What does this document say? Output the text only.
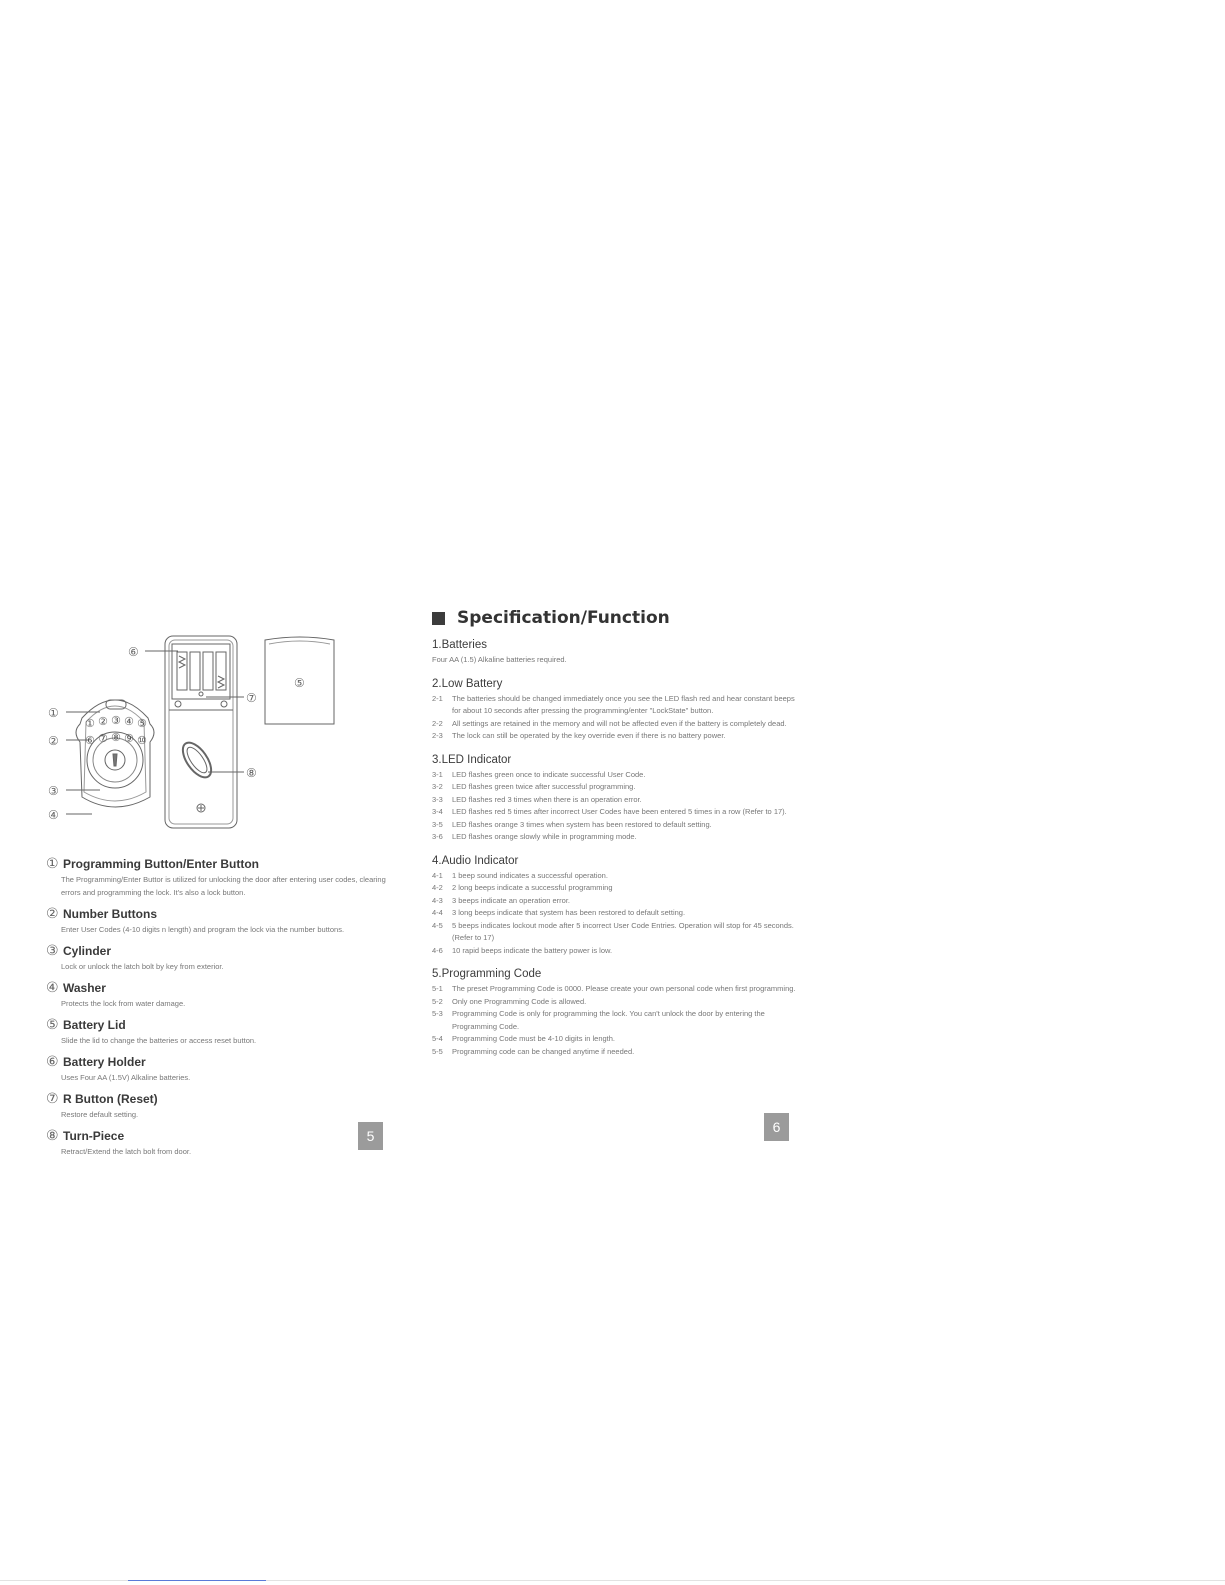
① ② ③ ④ ⑤
⑥ ⑦ ⑧ ⑨ ⑩
①
②
③
④
⑤
⑥
⑦
⑧
① Programming Button/Enter Button
The Programming/Enter Buttor is utilized for unlocking the door after entering user codes, clearing errors and programming the lock. It's also a lock button.
② Number Buttons
Enter User Codes (4-10 digits n length) and program the lock via the number buttons.
③ Cylinder
Lock or unlock the latch bolt by key from exterior.
④ Washer
Protects the lock from water damage.
⑤ Battery Lid
Slide the lid to change the batteries or access reset button.
⑥ Battery Holder
Uses Four AA (1.5V) Alkaline batteries.
⑦ R Button (Reset)
Restore default setting.
⑧ Turn-Piece
Retract/Extend the latch bolt from door.
5
Specification/Function
1.Batteries
Four AA (1.5) Alkaline batteries required.
2.Low Battery
2-1	The batteries should be changed immediately once you see the LED flash red and hear constant beeps for about 10 seconds after pressing the programming/enter "LockState" button.
2-2	All settings are retained in the memory and will not be affected even if the battery is completely dead.
2-3	The lock can still be operated by the key override even if there is no battery power.
3.LED Indicator
3-1	LED flashes green once to indicate successful User Code.
3-2	LED flashes green twice after successful programming.
3-3	LED flashes red 3 times when there is an operation error.
3-4	LED flashes red 5 times after incorrect User Codes have been entered 5 times in a row (Refer to 17).
3-5	LED flashes orange 3 times when system has been restored to default setting.
3-6	LED flashes orange slowly while in programming mode.
4.Audio Indicator
4-1	1 beep sound indicates a successful operation.
4-2	2 long beeps indicate a successful programming
4-3	3 beeps indicate an operation error.
4-4	3 long beeps indicate that system has been restored to default setting.
4-5	5 beeps indicates lockout mode after 5 incorrect User Code Entries. Operation will stop for 45 seconds. (Refer to 17)
4-6	10 rapid beeps indicate the battery power is low.
5.Programming Code
5-1	The preset Programming Code is 0000. Please create your own personal code when first programming.
5-2	Only one Programming Code is allowed.
5-3	Programming Code is only for programming the lock. You can't unlock the door by entering the Programming Code.
5-4	Programming Code must be 4-10 digits in length.
5-5	Programming code can be changed anytime if needed.
6
